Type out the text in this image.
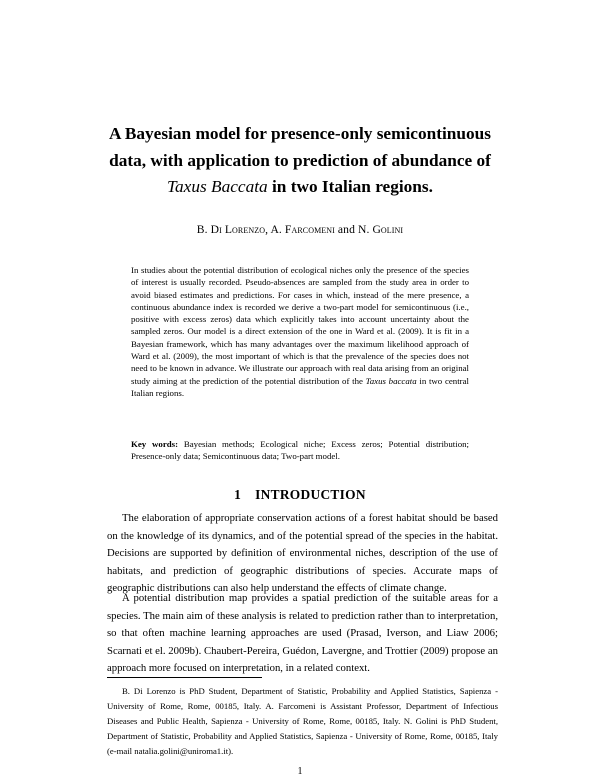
A Bayesian model for presence-only semicontinuous
data, with application to prediction of abundance of
Taxus Baccata in two Italian regions.
B. Di Lorenzo, A. Farcomeni and N. Golini

In studies about the potential distribution of ecological niches only the presence of the species of interest is usually recorded. Pseudo-absences are sampled from the study area in order to avoid biased estimates and predictions. For cases in which, instead of the mere presence, a continuous abundance index is recorded we derive a two-part model for semicontinuous (i.e., positive with excess zeros) data which explicitly takes into account uncertainty about the sampled zeros. Our model is a direct extension of the one in Ward et al. (2009). It is fit in a Bayesian framework, which has many advantages over the maximum likelihood approach of Ward et al. (2009), the most important of which is that the prevalence of the species does not need to be known in advance. We illustrate our approach with real data arising from an original study aiming at the prediction of the potential distribution of the Taxus baccata in two central Italian regions.

Key words: Bayesian methods; Ecological niche; Excess zeros; Potential distribution; Presence-only data; Semicontinuous data; Two-part model.
1 INTRODUCTION

The elaboration of appropriate conservation actions of a forest habitat should be based on the knowledge of its dynamics, and of the potential spread of the species in the habitat. Decisions are supported by definition of environmental niches, description of the use of habitats, and prediction of geographic distributions of species. Accurate maps of geographic distributions can also help understand the effects of climate change.

A potential distribution map provides a spatial prediction of the suitable areas for a species. The main aim of these analysis is related to prediction rather than to interpretation, so that often machine learning approaches are used (Prasad, Iverson, and Liaw 2006; Scarnati et el. 2009b). Chaubert-Pereira, Guédon, Lavergne, and Trottier (2009) propose an approach more focused on interpretation, in a related context.

B. Di Lorenzo is PhD Student, Department of Statistic, Probability and Applied Statistics, Sapienza - University of Rome, Rome, 00185, Italy. A. Farcomeni is Assistant Professor, Department of Infectious Diseases and Public Health, Sapienza - University of Rome, Rome, 00185, Italy. N. Golini is PhD Student, Department of Statistic, Probability and Applied Statistics, Sapienza - University of Rome, Rome, 00185, Italy (e-mail natalia.golini@uniroma1.it).

1
